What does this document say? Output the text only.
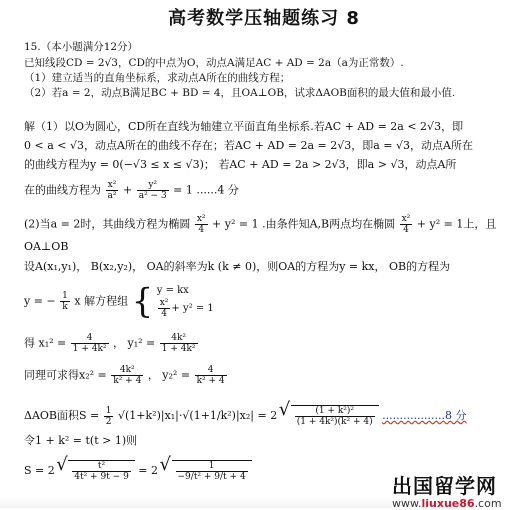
高考数学压轴题练习 8
15.（本小题满分12分）
已知线段CD = 2√3，CD的中点为O，动点A满足AC + AD = 2a（a为正常数）.
（1）建立适当的直角坐标系，求动点A所在的曲线方程；
（2）若a = 2，动点B满足BC + BD = 4，且OA⊥OB，试求ΔAOB面积的最大值和最小值.
解（1）以O为圆心，CD所在直线为轴建立平面直角坐标系.若AC + AD = 2a < 2√3，即
0 < a < √3，动点A所在的曲线不存在；若AC + AD = 2a = 2√3，即a = √3，动点A所在
的曲线方程为y = 0(−√3 ≤ x ≤ √3)； 若AC + AD = 2a > 2√3，即a > √3，动点A所
在的曲线方程为 $\frac{\text{x²}}{\text{a²}} + \frac{\text{y²}}{\text{a² − 3}} = 1$ ......4 分
(2)当a = 2时，其曲线方程为椭圆 $\frac{\text{x²}}{4} + y^2 = 1$ .由条件知A,B两点均在椭圆 $\frac{\text{x²}}{4} + y^2 = 1$上，且
OA⊥OB
设A(x₁,y₁)， B(x₂,y₂)， OA的斜率为k (k ≠ 0)，则OA的方程为y = kx， OB的方程为
y = − $\frac{1}{k}$ x 解方程组 { y = kx
$\frac{\text{x²}}{4} + y^2 = 1$
得 $x_1^2 = \frac{4}{\text{1 + 4k²}}$ ， $y_1^2 = \frac{\text{4k²}}{\text{1 + 4k²}}$
同理可求得$x_2^2 = \frac{\text{4k²}}{\text{k² + 4}}$ ， $y_2^2 = \frac{4}{\text{k² + 4}}$
ΔAOB面积$S = \frac{1}{2} √(1+k^2)|x_1|\cdot√(1+1/k^2)|x_2| = 2$ √ $\frac{\text{(1 + k²)²}}{\text{(1 + 4k²)(k² + 4)}} ..................8$ 分
令1 + k² = t(t > 1)则
S = 2 √ $\frac{\text{t²}}{\text{4t² + 9t − 9}} = 2$ √ $\frac{1}{\text{−9/t² + 9/t + 4}}$
出国留学网
www.liuxue86.com
